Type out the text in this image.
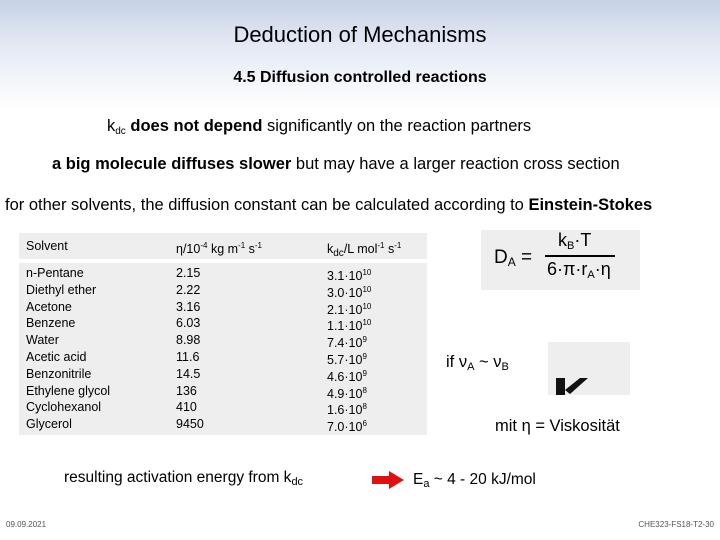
Deduction of Mechanisms
4.5 Diffusion controlled reactions
$k_{dc}$ does not depend significantly on the reaction partners
a big molecule diffuses slower but may have a larger reaction cross section
for other solvents, the diffusion constant can be calculated according to Einstein-Stokes
Solvent
n-Pentane
Diethyl ether
Acetone
Benzene
Water
Acetic acid
Benzonitrile
Ethylene glycol
Cyclohexanol
Glycerol
$\eta/10^{-4}$ kg $m^{-1}$ $s^{-1}$
2.15
2.22
3.16
6.03
8.98
11.6
14.5
136
410
9450
$k_{dc}/L$ mol$^{-1}$ $s^{-1}$
$3.1\cdot 10^{10}$
$3.0\cdot 10^{10}$
$2.1\cdot 10^{10}$
$1.1\cdot 10^{10}$
$7.4\cdot 10^9$
$5.7\cdot 10^9$
$4.6\cdot 10^9$
$4.9\cdot 10^8$
$1.6\cdot 10^8$
$7.0\cdot 10^6$
$D_A$ =
$k_B\cdot T$
$6\cdot\pi\cdot r_A\cdot\eta$
if $\nu_A$ ~ $\nu_B$
mit η = Viskosität
resulting activation energy from $k_{dc}$	$E_a$ ~ 4 - 20 kJ/mol
09.09.2021	CHE323-FS18-T2-30
